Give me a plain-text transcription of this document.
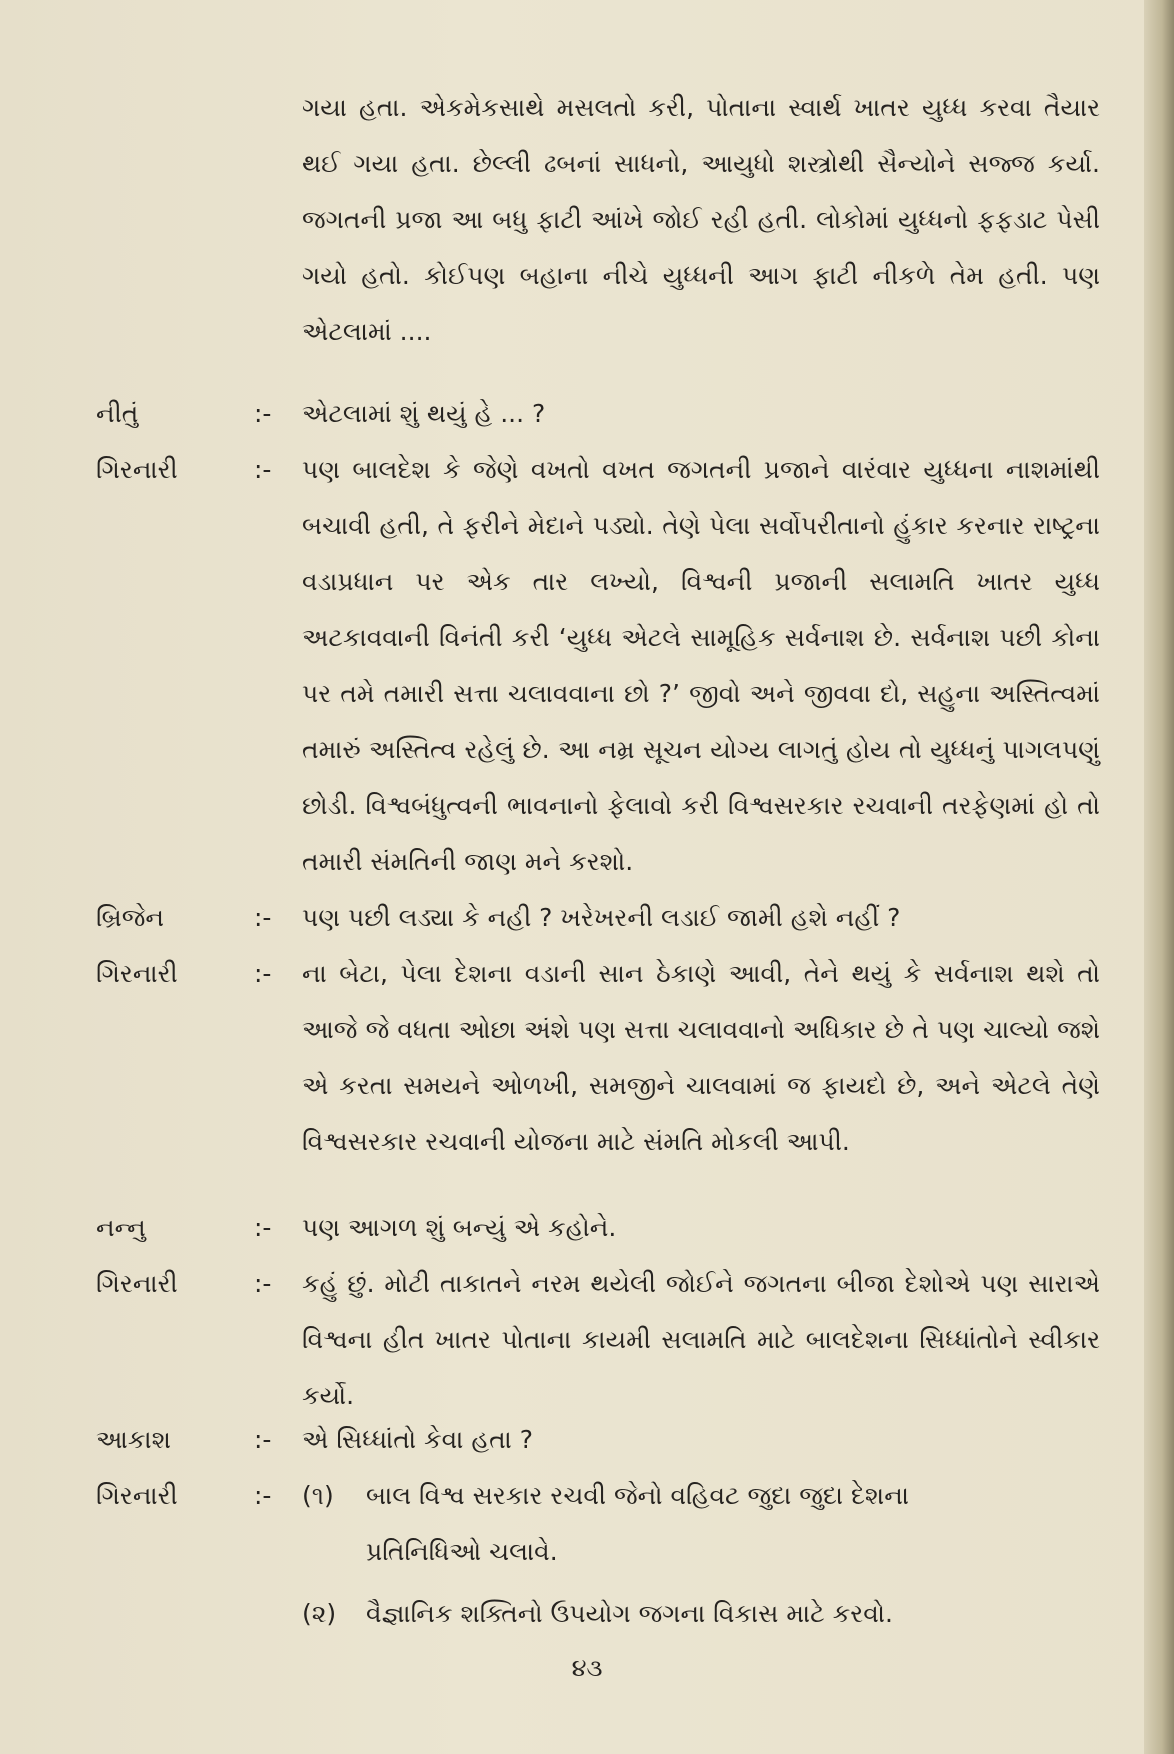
ગયા હતા. એકમેકસાથે મસલતો કરી, પોતાના સ્વાર્થ ખાતર યુધ્ધ કરવા તૈયાર થઈ ગયા હતા. છેલ્લી ઢબનાં સાધનો, આયુધો શસ્ત્રોથી સૈન્યોને સજ્જ કર્યા. જગતની પ્રજા આ બધુ ફાટી આંખે જોઈ રહી હતી. લોકોમાં યુધ્ધનો ફફડાટ પેસી ગયો હતો. કોઈપણ બહાના નીચે યુધ્ધની આગ ફાટી નીકળે તેમ હતી. પણ એટલામાં ....
નીતું	:-	એટલામાં શું થયું હે ... ?
ગિરનારી	:-	પણ બાલદેશ કે જેણે વખતો વખત જગતની પ્રજાને વારંવાર યુધ્ધના નાશમાંથી બચાવી હતી, તે ફરીને મેદાને પડ્યો. તેણે પેલા સર્વોપરીતાનો હુંકાર કરનાર રાષ્ટ્રના વડાપ્રધાન પર એક તાર લખ્યો, વિશ્વની પ્રજાની સલામતિ ખાતર યુધ્ધ અટકાવવાની વિનંતી કરી ‘યુધ્ધ એટલે સામૂહિક સર્વનાશ છે. સર્વનાશ પછી કોના પર તમે તમારી સત્તા ચલાવવાના છો ?’ જીવો અને જીવવા દો, સહુના અસ્તિત્વમાં તમારું અસ્તિત્વ રહેલું છે. આ નમ્ર સૂચન યોગ્ય લાગતું હોય તો યુધ્ધનું પાગલપણું છોડી. વિશ્વબંધુત્વની ભાવનાનો ફેલાવો કરી વિશ્વસરકાર રચવાની તરફેણમાં હો તો તમારી સંમતિની જાણ મને કરશો.
બ્રિજેન	:-	પણ પછી લડ્યા કે નહી ? ખરેખરની લડાઈ જામી હશે નહીં ?
ગિરનારી	:-	ના બેટા, પેલા દેશના વડાની સાન ઠેકાણે આવી, તેને થયું કે સર્વનાશ થશે તો આજે જે વધતા ઓછા અંશે પણ સત્તા ચલાવવાનો અધિકાર છે તે પણ ચાલ્યો જશે એ કરતા સમયને ઓળખી, સમજીને ચાલવામાં જ ફાયદો છે, અને એટલે તેણે વિશ્વસરકાર રચવાની યોજના માટે સંમતિ મોકલી આપી.
નન્નુ	:-	પણ આગળ શું બન્યું એ કહોને.
ગિરનારી	:-	કહું છું. મોટી તાકાતને નરમ થયેલી જોઈને જગતના બીજા દેશોએ પણ સારાએ વિશ્વના હીત ખાતર પોતાના કાયમી સલામતિ માટે બાલદેશના સિધ્ધાંતોને સ્વીકાર કર્યો.
આકાશ	:-	એ સિધ્ધાંતો કેવા હતા ?
ગિરનારી	:-	(૧) બાલ વિશ્વ સરકાર રચવી જેનો વહિવટ જુદા જુદા દેશના
પ્રતિનિધિઓ ચલાવે.
(૨) વૈજ્ઞાનિક શક્તિનો ઉપયોગ જગના વિકાસ માટે કરવો.
૪૩
